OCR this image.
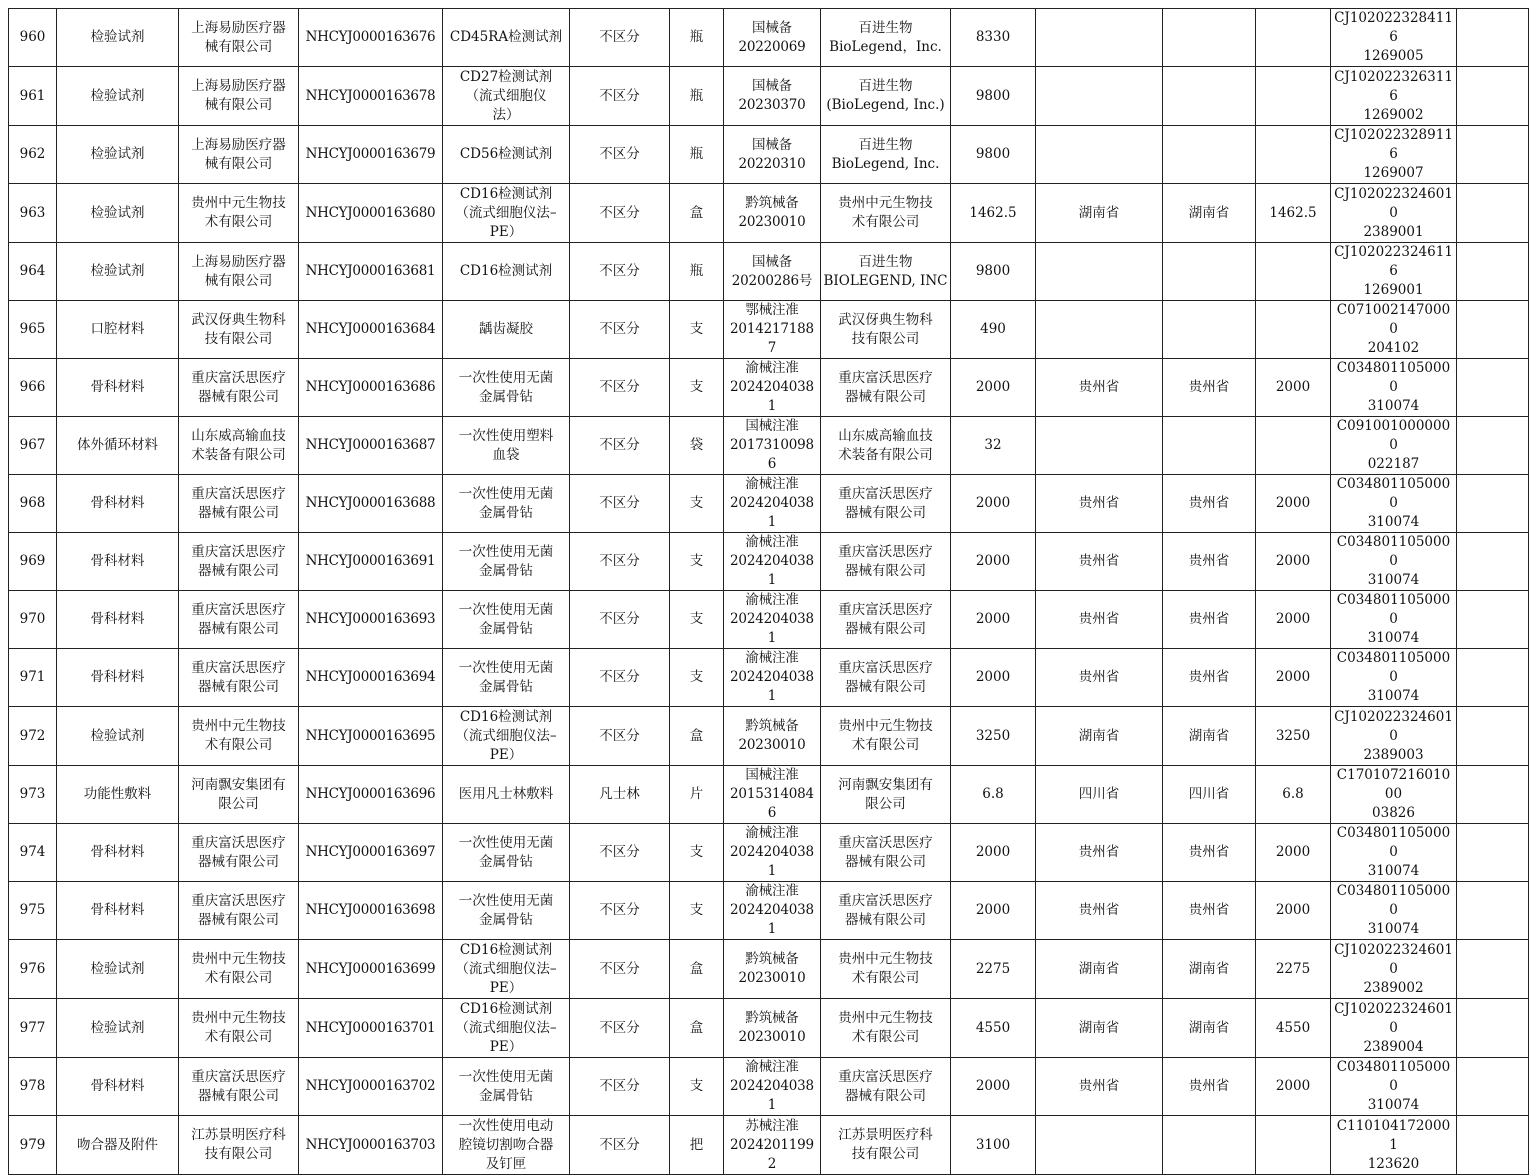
960	检验试剂	上海易励医疗器
械有限公司	NHCYJ0000163676	CD45RA检测试剂	不区分	瓶	国械备
20220069	百进生物
BioLegend，Inc.	8330				CJ1020223284116
1269005	
961	检验试剂	上海易励医疗器
械有限公司	NHCYJ0000163678	CD27检测试剂
（流式细胞仪
法）	不区分	瓶	国械备
20230370	百进生物
(BioLegend, Inc.)	9800				CJ1020223263116
1269002	
962	检验试剂	上海易励医疗器
械有限公司	NHCYJ0000163679	CD56检测试剂	不区分	瓶	国械备
20220310	百进生物
BioLegend, Inc.	9800				CJ1020223289116
1269007	
963	检验试剂	贵州中元生物技
术有限公司	NHCYJ0000163680	CD16检测试剂
（流式细胞仪法–
PE）	不区分	盒	黔筑械备
20230010	贵州中元生物技
术有限公司	1462.5	湖南省	湖南省	1462.5	CJ1020223246010
2389001	
964	检验试剂	上海易励医疗器
械有限公司	NHCYJ0000163681	CD16检测试剂	不区分	瓶	国械备
20200286号	百进生物
BIOLEGEND, INC	9800				CJ1020223246116
1269001	
965	口腔材料	武汉伢典生物科
技有限公司	NHCYJ0000163684	龋齿凝胶	不区分	支	鄂械注准
20142171887	武汉伢典生物科
技有限公司	490				C0710021470000
204102	
966	骨科材料	重庆富沃思医疗
器械有限公司	NHCYJ0000163686	一次性使用无菌
金属骨钻	不区分	支	渝械注准
20242040381	重庆富沃思医疗
器械有限公司	2000	贵州省	贵州省	2000	C0348011050000
310074	
967	体外循环材料	山东威高输血技
术装备有限公司	NHCYJ0000163687	一次性使用塑料
血袋	不区分	袋	国械注准
20173100986	山东威高输血技
术装备有限公司	32				C0910010000000
022187	
968	骨科材料	重庆富沃思医疗
器械有限公司	NHCYJ0000163688	一次性使用无菌
金属骨钻	不区分	支	渝械注准
20242040381	重庆富沃思医疗
器械有限公司	2000	贵州省	贵州省	2000	C0348011050000
310074	
969	骨科材料	重庆富沃思医疗
器械有限公司	NHCYJ0000163691	一次性使用无菌
金属骨钻	不区分	支	渝械注准
20242040381	重庆富沃思医疗
器械有限公司	2000	贵州省	贵州省	2000	C0348011050000
310074	
970	骨科材料	重庆富沃思医疗
器械有限公司	NHCYJ0000163693	一次性使用无菌
金属骨钻	不区分	支	渝械注准
20242040381	重庆富沃思医疗
器械有限公司	2000	贵州省	贵州省	2000	C0348011050000
310074	
971	骨科材料	重庆富沃思医疗
器械有限公司	NHCYJ0000163694	一次性使用无菌
金属骨钻	不区分	支	渝械注准
20242040381	重庆富沃思医疗
器械有限公司	2000	贵州省	贵州省	2000	C0348011050000
310074	
972	检验试剂	贵州中元生物技
术有限公司	NHCYJ0000163695	CD16检测试剂
（流式细胞仪法–
PE）	不区分	盒	黔筑械备
20230010	贵州中元生物技
术有限公司	3250	湖南省	湖南省	3250	CJ1020223246010
2389003	
973	功能性敷料	河南飘安集团有
限公司	NHCYJ0000163696	医用凡士林敷料	凡士林	片	国械注准
20153140846	河南飘安集团有
限公司	6.8	四川省	四川省	6.8	C17010721601000
03826	
974	骨科材料	重庆富沃思医疗
器械有限公司	NHCYJ0000163697	一次性使用无菌
金属骨钻	不区分	支	渝械注准
20242040381	重庆富沃思医疗
器械有限公司	2000	贵州省	贵州省	2000	C0348011050000
310074	
975	骨科材料	重庆富沃思医疗
器械有限公司	NHCYJ0000163698	一次性使用无菌
金属骨钻	不区分	支	渝械注准
20242040381	重庆富沃思医疗
器械有限公司	2000	贵州省	贵州省	2000	C0348011050000
310074	
976	检验试剂	贵州中元生物技
术有限公司	NHCYJ0000163699	CD16检测试剂
（流式细胞仪法–
PE）	不区分	盒	黔筑械备
20230010	贵州中元生物技
术有限公司	2275	湖南省	湖南省	2275	CJ1020223246010
2389002	
977	检验试剂	贵州中元生物技
术有限公司	NHCYJ0000163701	CD16检测试剂
（流式细胞仪法–
PE）	不区分	盒	黔筑械备
20230010	贵州中元生物技
术有限公司	4550	湖南省	湖南省	4550	CJ1020223246010
2389004	
978	骨科材料	重庆富沃思医疗
器械有限公司	NHCYJ0000163702	一次性使用无菌
金属骨钻	不区分	支	渝械注准
20242040381	重庆富沃思医疗
器械有限公司	2000	贵州省	贵州省	2000	C0348011050000
310074	
979	吻合器及附件	江苏景明医疗科
技有限公司	NHCYJ0000163703	一次性使用电动
腔镜切割吻合器
及钉匣	不区分	把	苏械注准
20242011992	江苏景明医疗科
技有限公司	3100				C1101041720001
123620	
